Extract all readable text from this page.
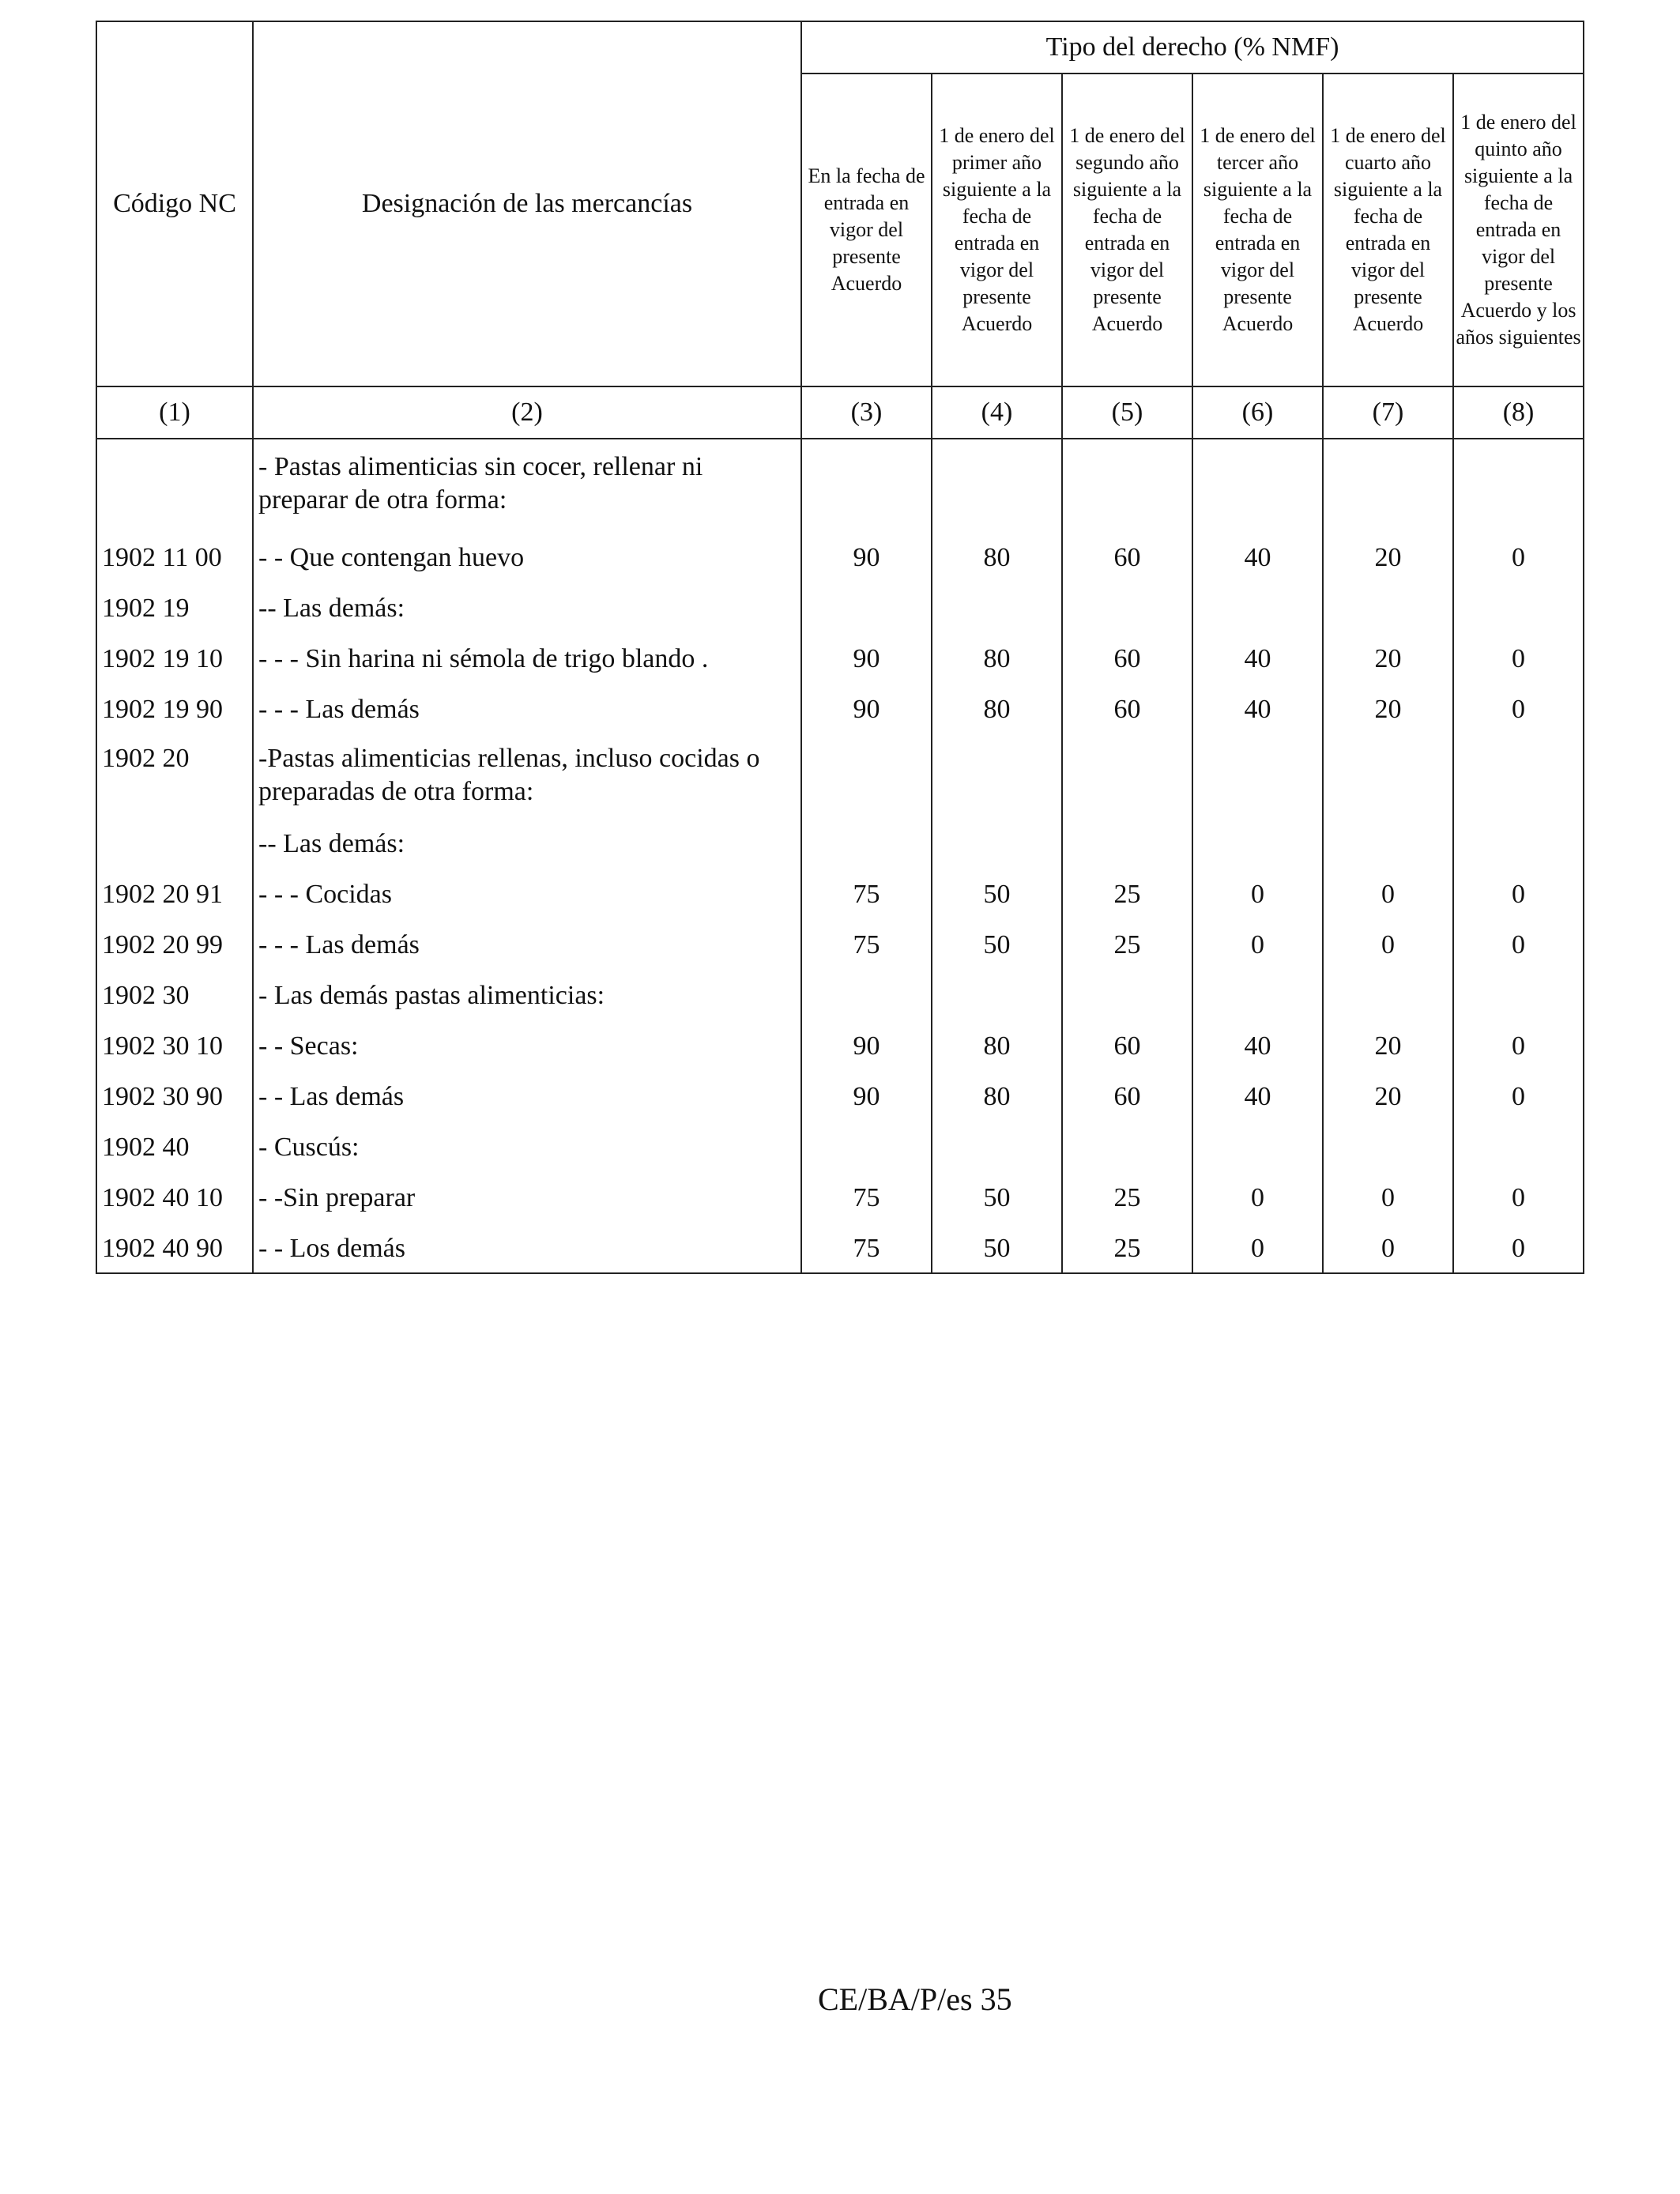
Código NC	Designación de las mercancías	Tipo del derecho (% NMF)					
		En la fecha de entrada en vigor del presente Acuerdo	1 de enero del primer año siguiente a la fecha de entrada en vigor del presente Acuerdo	1 de enero del segundo año siguiente a la fecha de entrada en vigor del presente Acuerdo	1 de enero del tercer año siguiente a la fecha de entrada en vigor del presente Acuerdo	1 de enero del cuarto año siguiente a la fecha de entrada en vigor del presente Acuerdo	1 de enero del quinto año siguiente a la fecha de entrada en vigor del presente Acuerdo y los años siguientes
(1)	(2)	(3)	(4)	(5)	(6)	(7)	(8)
	- Pastas alimenticias sin cocer, rellenar ni preparar de otra forma:						
1902 11 00	- - Que contengan huevo	90	80	60	40	20	0
1902 19	-- Las demás:						
1902 19 10	- - - Sin harina ni sémola de trigo blando .	90	80	60	40	20	0
1902 19 90	- - - Las demás	90	80	60	40	20	0
1902 20	-Pastas alimenticias rellenas, incluso cocidas o preparadas de otra forma:						
	-- Las demás:						
1902 20 91	- - - Cocidas	75	50	25	0	0	0
1902 20 99	- - - Las demás	75	50	25	0	0	0
1902 30	- Las demás pastas alimenticias:						
1902 30 10	- - Secas:	90	80	60	40	20	0
1902 30 90	- - Las demás	90	80	60	40	20	0
1902 40	- Cuscús:						
1902 40 10	- -Sin preparar	75	50	25	0	0	0
1902 40 90	- - Los demás	75	50	25	0	0	0
CE/BA/P/es 35
